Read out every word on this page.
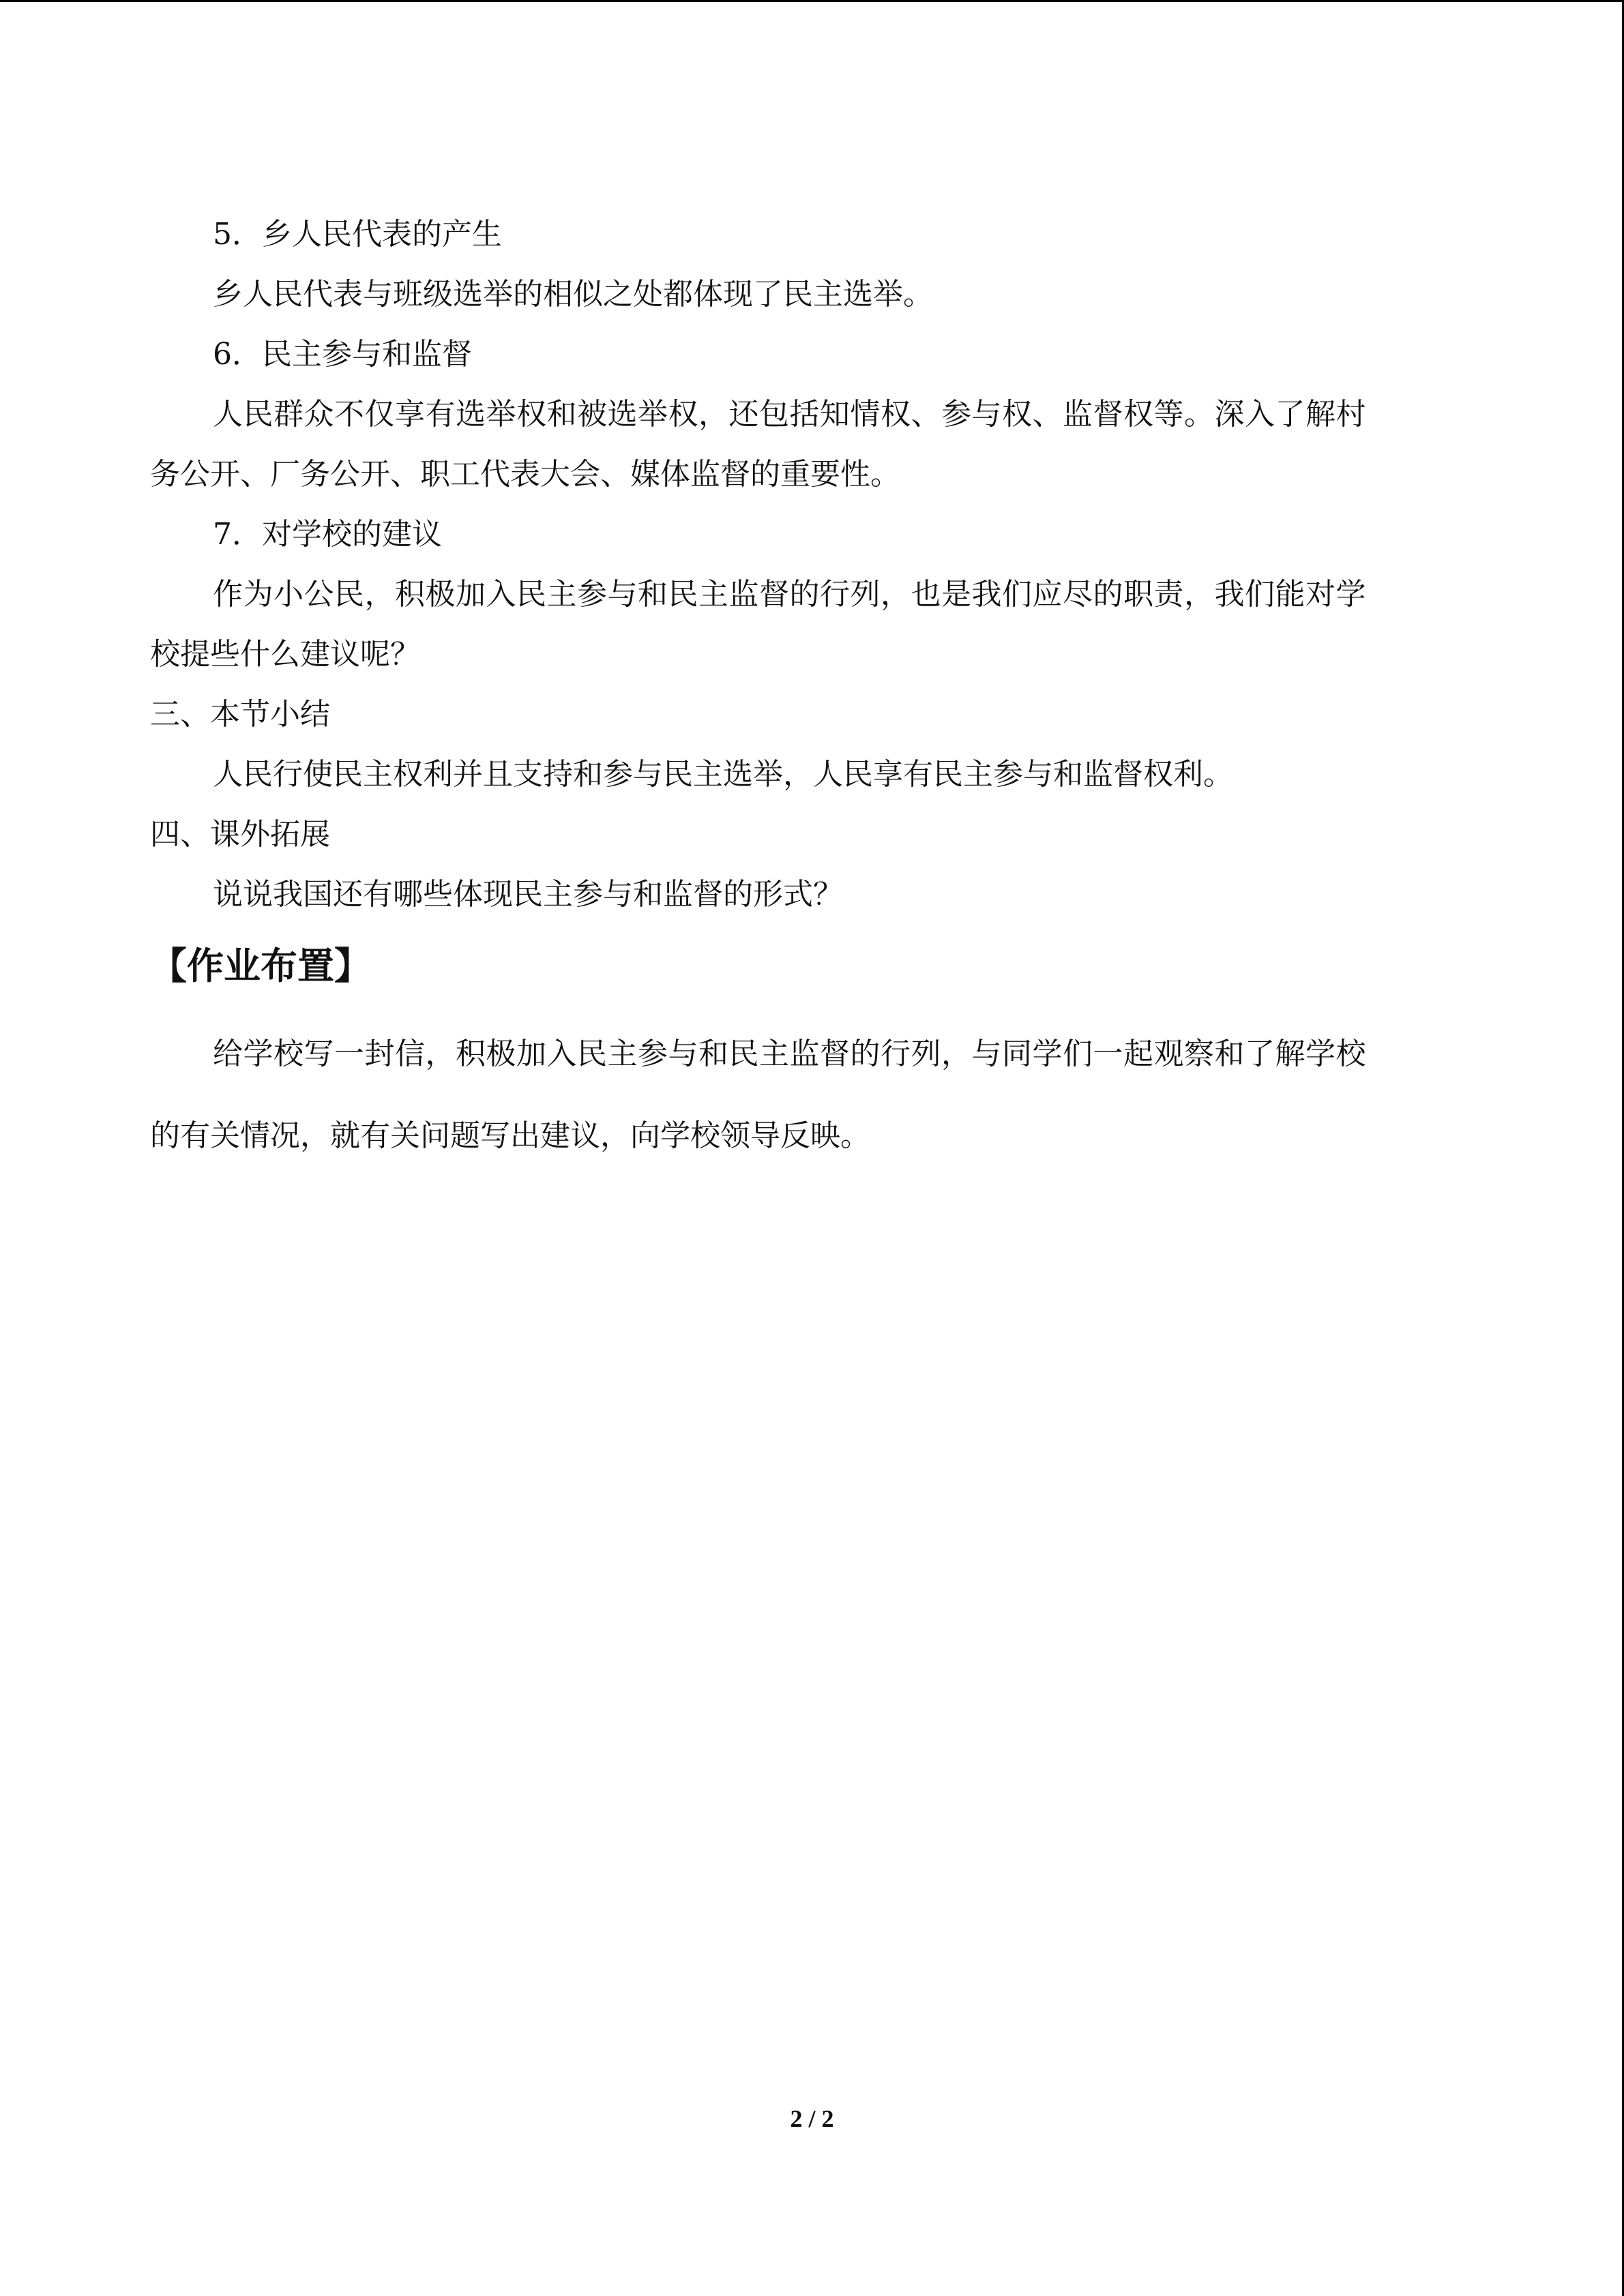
5．乡人民代表的产生

乡人民代表与班级选举的相似之处都体现了民主选举。

6．民主参与和监督

人民群众不仅享有选举权和被选举权，还包括知情权、参与权、监督权等。深入了解村

务公开、厂务公开、职工代表大会、媒体监督的重要性。

7．对学校的建议

作为小公民，积极加入民主参与和民主监督的行列，也是我们应尽的职责，我们能对学

校提些什么建议呢？

三、本节小结

人民行使民主权利并且支持和参与民主选举，人民享有民主参与和监督权利。

四、课外拓展

说说我国还有哪些体现民主参与和监督的形式？

【作业布置】

给学校写一封信，积极加入民主参与和民主监督的行列，与同学们一起观察和了解学校

的有关情况，就有关问题写出建议，向学校领导反映。

2 / 2
